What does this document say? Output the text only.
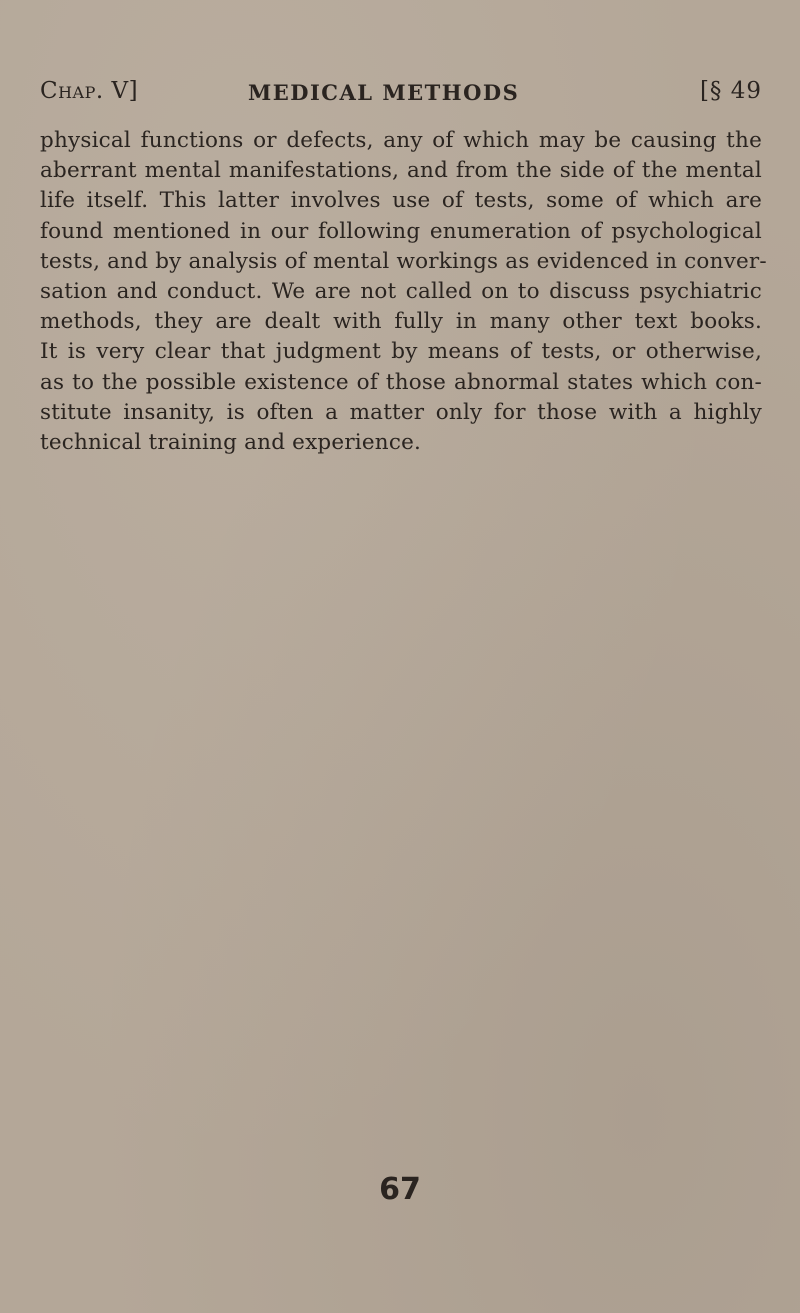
Chap. V]	MEDICAL METHODS	[§ 49
physical functions or defects, any of which may be causing the
aberrant mental manifestations, and from the side of the mental
life itself. This latter involves use of tests, some of which are
found mentioned in our following enumeration of psychological
tests, and by analysis of mental workings as evidenced in conver-
sation and conduct. We are not called on to discuss psychiatric
methods, they are dealt with fully in many other text books.
It is very clear that judgment by means of tests, or otherwise,
as to the possible existence of those abnormal states which con-
stitute insanity, is often a matter only for those with a highly
technical training and experience.
67
